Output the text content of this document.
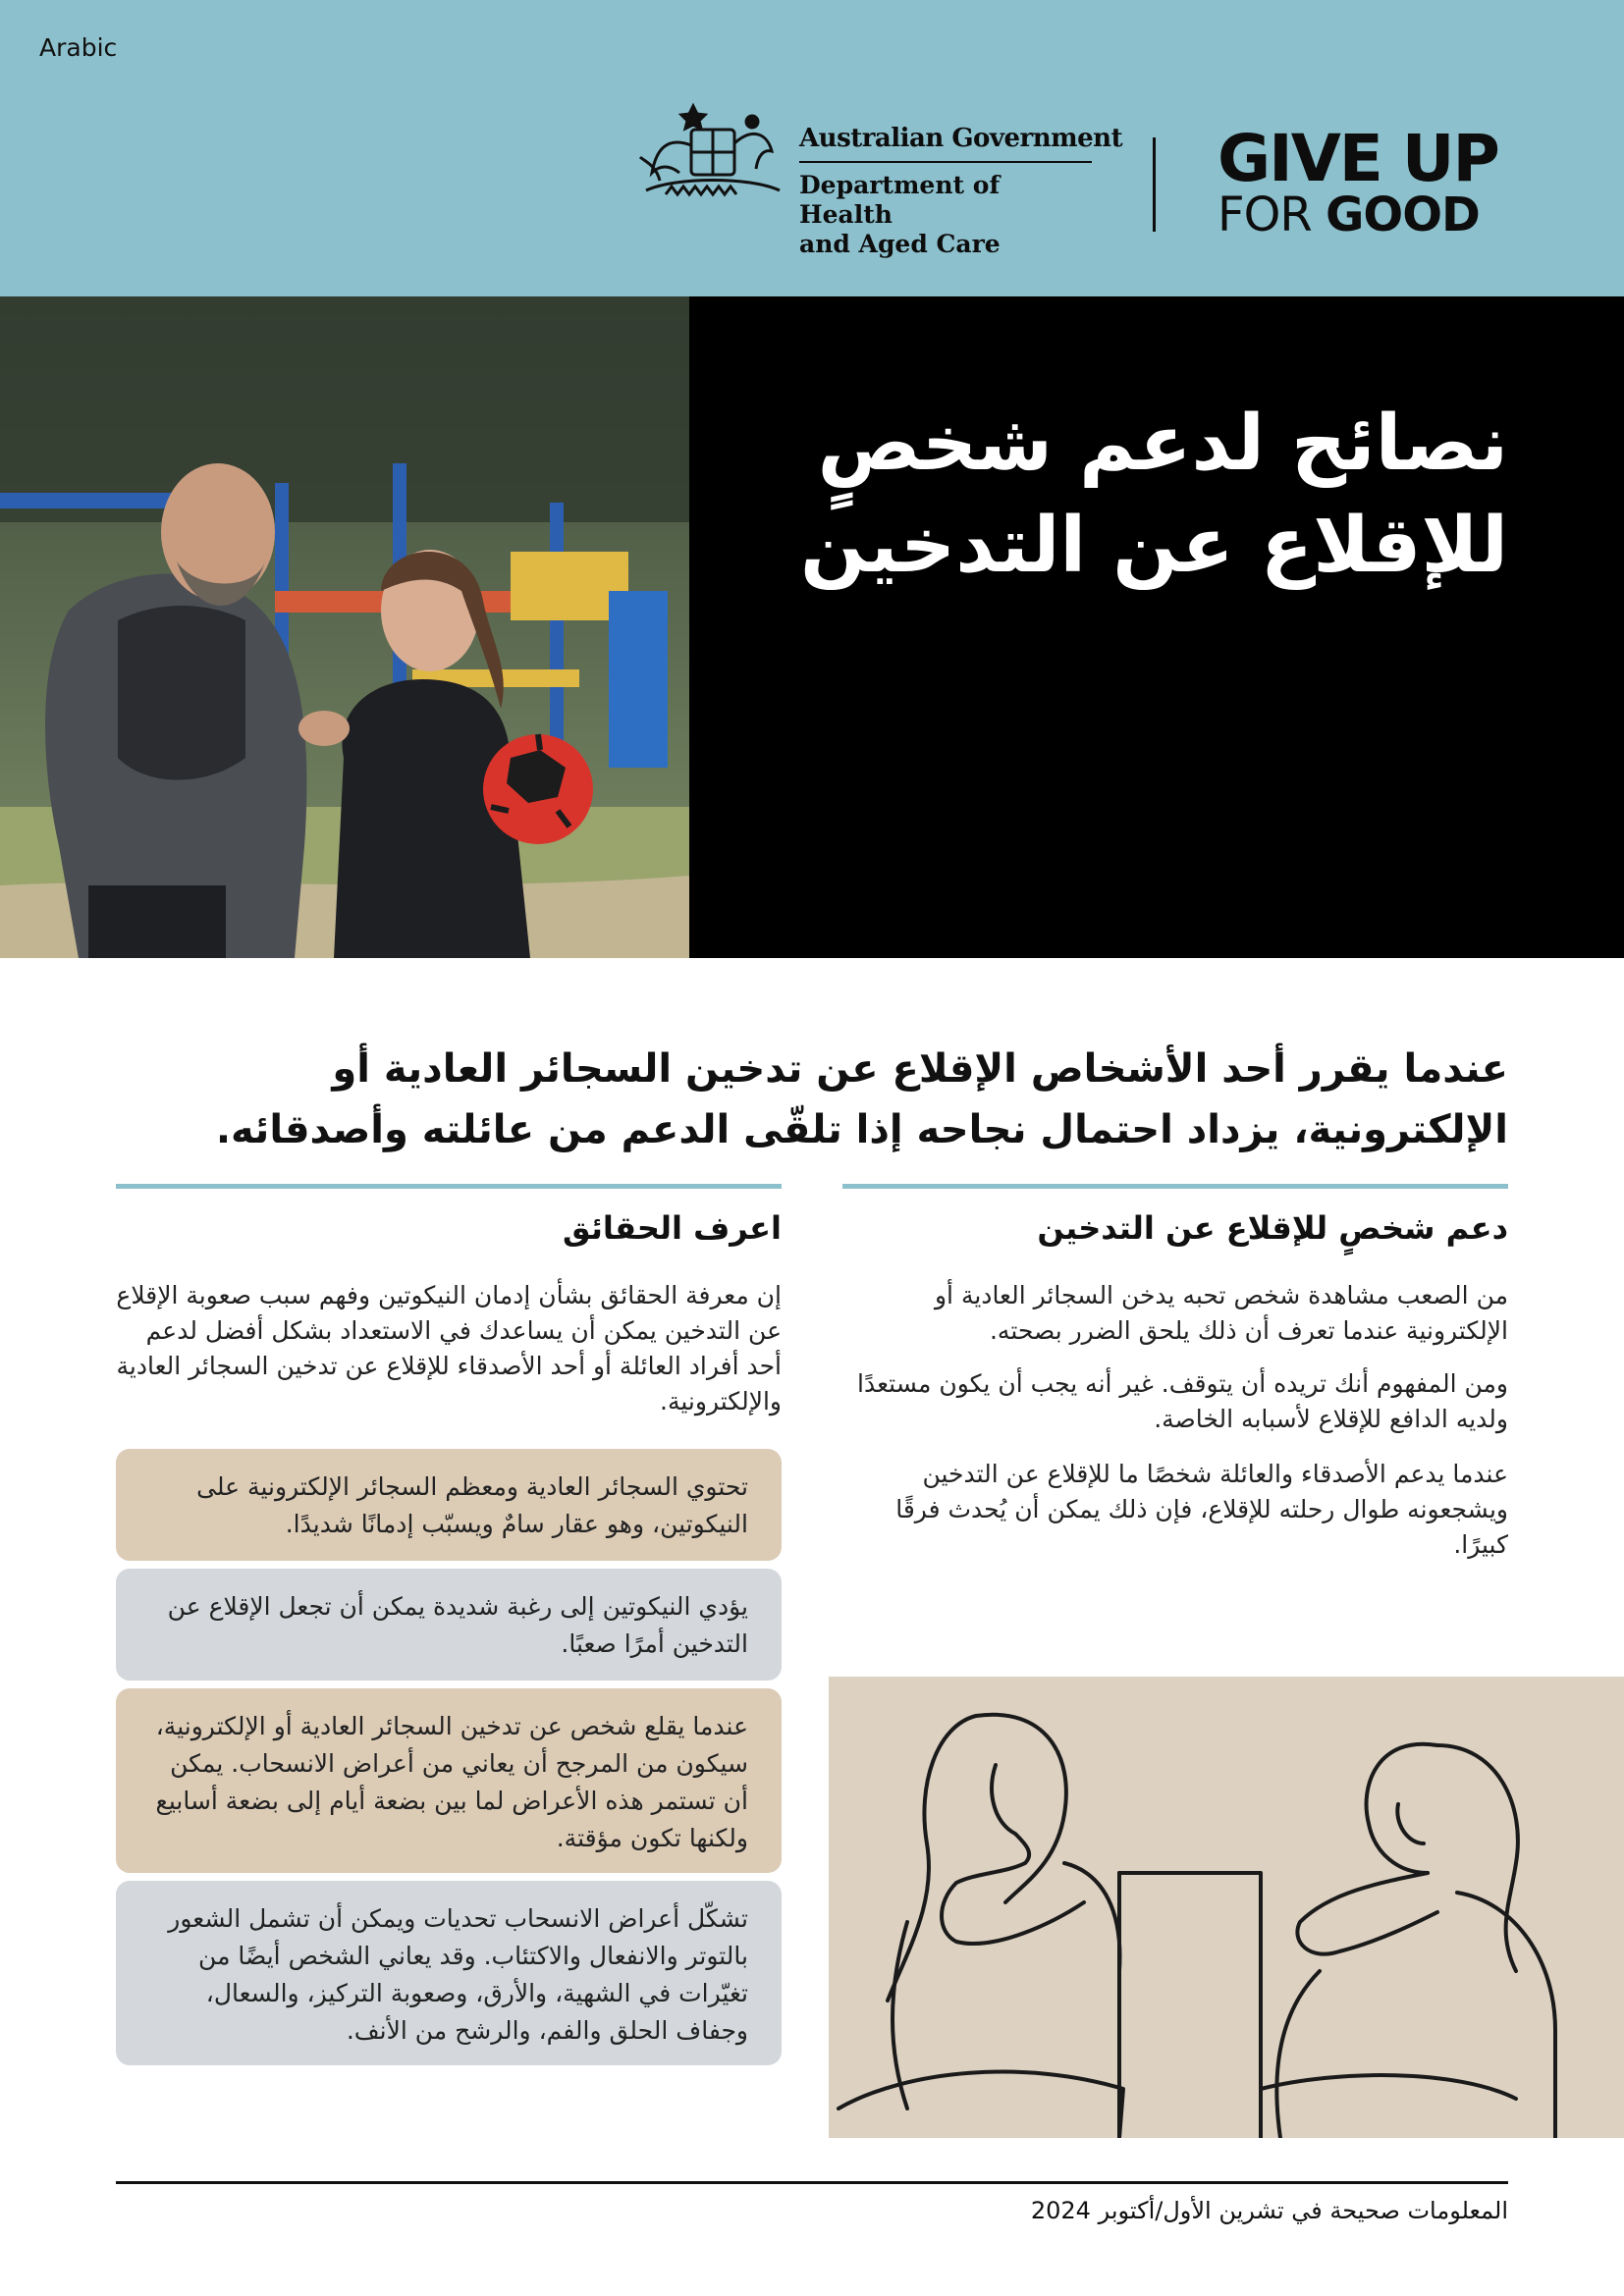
Arabic
Australian Government
Department of Health
and Aged Care
GIVE UP
FOR GOOD
نصائح لدعم شخصٍ
للإقلاع عن التدخين
عندما يقرر أحد الأشخاص الإقلاع عن تدخين السجائر العادية أو الإلكترونية، يزداد احتمال نجاحه إذا تلقّى الدعم من عائلته وأصدقائه.
دعم شخصٍ للإقلاع عن التدخين
من الصعب مشاهدة شخص تحبه يدخن السجائر العادية أو الإلكترونية عندما تعرف أن ذلك يلحق الضرر بصحته.
ومن المفهوم أنك تريده أن يتوقف. غير أنه يجب أن يكون مستعدًا ولديه الدافع للإقلاع لأسبابه الخاصة.
عندما يدعم الأصدقاء والعائلة شخصًا ما للإقلاع عن التدخين ويشجعونه طوال رحلته للإقلاع، فإن ذلك يمكن أن يُحدث فرقًا كبيرًا.
اعرف الحقائق
إن معرفة الحقائق بشأن إدمان النيكوتين وفهم سبب صعوبة الإقلاع عن التدخين يمكن أن يساعدك في الاستعداد بشكل أفضل لدعم أحد أفراد العائلة أو أحد الأصدقاء للإقلاع عن تدخين السجائر العادية والإلكترونية.
تحتوي السجائر العادية ومعظم السجائر الإلكترونية على النيكوتين، وهو عقار سامٌ ويسبّب إدمانًا شديدًا.
يؤدي النيكوتين إلى رغبة شديدة يمكن أن تجعل الإقلاع عن التدخين أمرًا صعبًا.
عندما يقلع شخص عن تدخين السجائر العادية أو الإلكترونية، سيكون من المرجح أن يعاني من أعراض الانسحاب. يمكن أن تستمر هذه الأعراض لما بين بضعة أيام إلى بضعة أسابيع ولكنها تكون مؤقتة.
تشكّل أعراض الانسحاب تحديات ويمكن أن تشمل الشعور بالتوتر والانفعال والاكتئاب. وقد يعاني الشخص أيضًا من تغيّرات في الشهية، والأرق، وصعوبة التركيز، والسعال، وجفاف الحلق والفم، والرشح من الأنف.
المعلومات صحيحة في تشرين الأول/أكتوبر 2024
